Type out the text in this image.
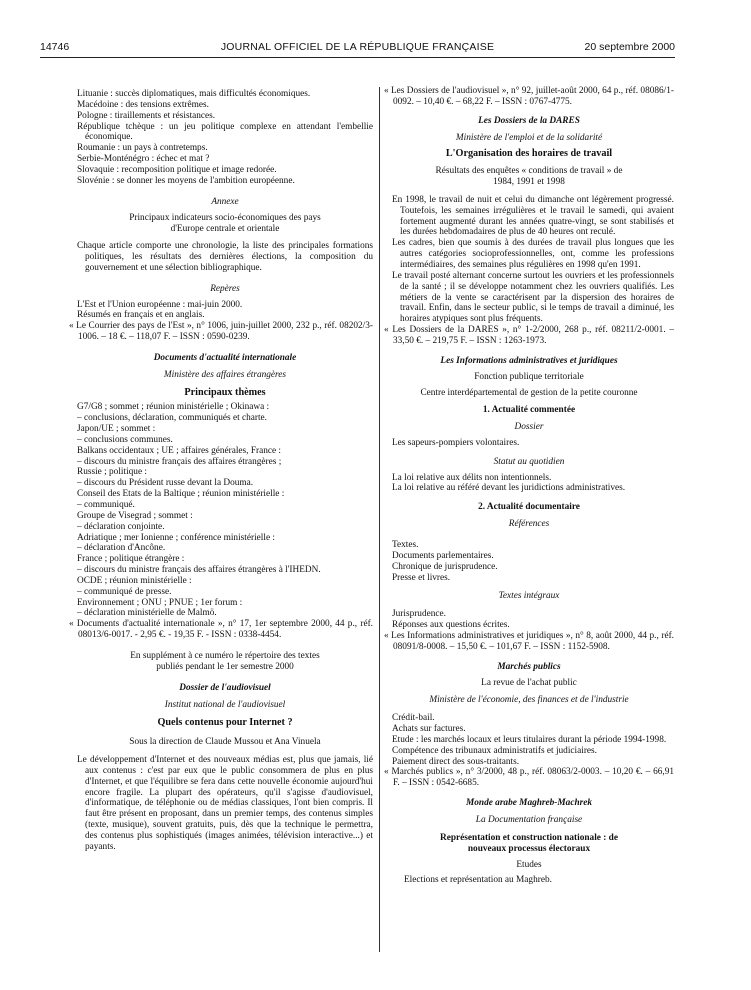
14746	JOURNAL OFFICIEL DE LA RÉPUBLIQUE FRANÇAISE	20 septembre 2000

Lituanie : succès diplomatiques, mais difficultés économiques.

Macédoine : des tensions extrêmes.

Pologne : tiraillements et résistances.

République tchèque : un jeu politique complexe en attendant l'embellie économique.

Roumanie : un pays à contretemps.

Serbie-Monténégro : échec et mat ?

Slovaquie : recomposition politique et image redorée.

Slovénie : se donner les moyens de l'ambition européenne.

Annexe

Principaux indicateurs socio-économiques des pays d'Europe centrale et orientale

Chaque article comporte une chronologie, la liste des principales formations politiques, les résultats des dernières élections, la composition du gouvernement et une sélection bibliographique.

Repères

L'Est et l'Union européenne : mai-juin 2000.

Résumés en français et en anglais.

« Le Courrier des pays de l'Est », n° 1006, juin-juillet 2000, 232 p., réf. 08202/3-1006. – 18 €. – 118,07 F. – ISSN : 0590-0239.

Documents d'actualité internationale

Ministère des affaires étrangères

Principaux thèmes

G7/G8 ; sommet ; réunion ministérielle ; Okinawa :

– conclusions, déclaration, communiqués et charte.

Japon/UE ; sommet :

– conclusions communes.

Balkans occidentaux ; UE ; affaires générales, France :

– discours du ministre français des affaires étrangères ;

Russie ; politique :

– discours du Président russe devant la Douma.

Conseil des Etats de la Baltique ; réunion ministérielle :

– communiqué.

Groupe de Visegrad ; sommet :

– déclaration conjointe.

Adriatique ; mer Ionienne ; conférence ministérielle :

– déclaration d'Ancône.

France ; politique étrangère :

– discours du ministre français des affaires étrangères à l'IHEDN.

OCDE ; réunion ministérielle :

– communiqué de presse.

Environnement ; ONU ; PNUE ; 1er forum :

– déclaration ministérielle de Malmö.

« Documents d'actualité internationale », n° 17, 1er septembre 2000, 44 p., réf. 08013/6-0017. - 2,95 €. - 19,35 F. - ISSN : 0338-4454.

En supplément à ce numéro le répertoire des textes publiés pendant le 1er semestre 2000

Dossier de l'audiovisuel

Institut national de l'audiovisuel

Quels contenus pour Internet ?

Sous la direction de Claude Mussou et Ana Vinuela

Le développement d'Internet et des nouveaux médias est, plus que jamais, lié aux contenus : c'est par eux que le public consommera de plus en plus d'Internet, et que l'équilibre se fera dans cette nouvelle économie aujourd'hui encore fragile. La plupart des opérateurs, qu'il s'agisse d'audiovisuel, d'informatique, de téléphonie ou de médias classiques, l'ont bien compris. Il faut être présent en proposant, dans un premier temps, des contenus simples (texte, musique), souvent gratuits, puis, dès que la technique le permettra, des contenus plus sophistiqués (images animées, télévision interactive...) et payants.

« Les Dossiers de l'audiovisuel », n° 92, juillet-août 2000, 64 p., réf. 08086/1-0092. – 10,40 €. – 68,22 F. – ISSN : 0767-4775.

Les Dossiers de la DARES

Ministère de l'emploi et de la solidarité

L'Organisation des horaires de travail

Résultats des enquêtes « conditions de travail » de 1984, 1991 et 1998

En 1998, le travail de nuit et celui du dimanche ont légèrement progressé. Toutefois, les semaines irrégulières et le travail le samedi, qui avaient fortement augmenté durant les années quatre-vingt, se sont stabilisés et les durées hebdomadaires de plus de 40 heures ont reculé.

Les cadres, bien que soumis à des durées de travail plus longues que les autres catégories socioprofessionnelles, ont, comme les professions intermédiaires, des semaines plus régulières en 1998 qu'en 1991.

Le travail posté alternant concerne surtout les ouvriers et les professionnels de la santé ; il se développe notamment chez les ouvriers qualifiés. Les métiers de la vente se caractérisent par la dispersion des horaires de travail. Enfin, dans le secteur public, si le temps de travail a diminué, les horaires atypiques sont plus fréquents.

« Les Dossiers de la DARES », n° 1-2/2000, 268 p., réf. 08211/2-0001. – 33,50 €. – 219,75 F. – ISSN : 1263-1973.

Les Informations administratives et juridiques

Fonction publique territoriale

Centre interdépartemental de gestion de la petite couronne

1. Actualité commentée

Dossier

Les sapeurs-pompiers volontaires.

Statut au quotidien

La loi relative aux délits non intentionnels.

La loi relative au référé devant les juridictions administratives.

2. Actualité documentaire

Références

Textes.

Documents parlementaires.

Chronique de jurisprudence.

Presse et livres.

Textes intégraux

Jurisprudence.

Réponses aux questions écrites.

« Les Informations administratives et juridiques », n° 8, août 2000, 44 p., réf. 08091/8-0008. – 15,50 €. – 101,67 F. – ISSN : 1152-5908.

Marchés publics

La revue de l'achat public

Ministère de l'économie, des finances et de l'industrie

Crédit-bail.

Achats sur factures.

Etude : les marchés locaux et leurs titulaires durant la période 1994-1998.

Compétence des tribunaux administratifs et judiciaires.

Paiement direct des sous-traitants.

« Marchés publics », n° 3/2000, 48 p., réf. 08063/2-0003. – 10,20 €. – 66,91 F. – ISSN : 0542-6685.

Monde arabe Maghreb-Machrek

La Documentation française

Représentation et construction nationale : de nouveaux processus électoraux

Etudes

Elections et représentation au Maghreb.
